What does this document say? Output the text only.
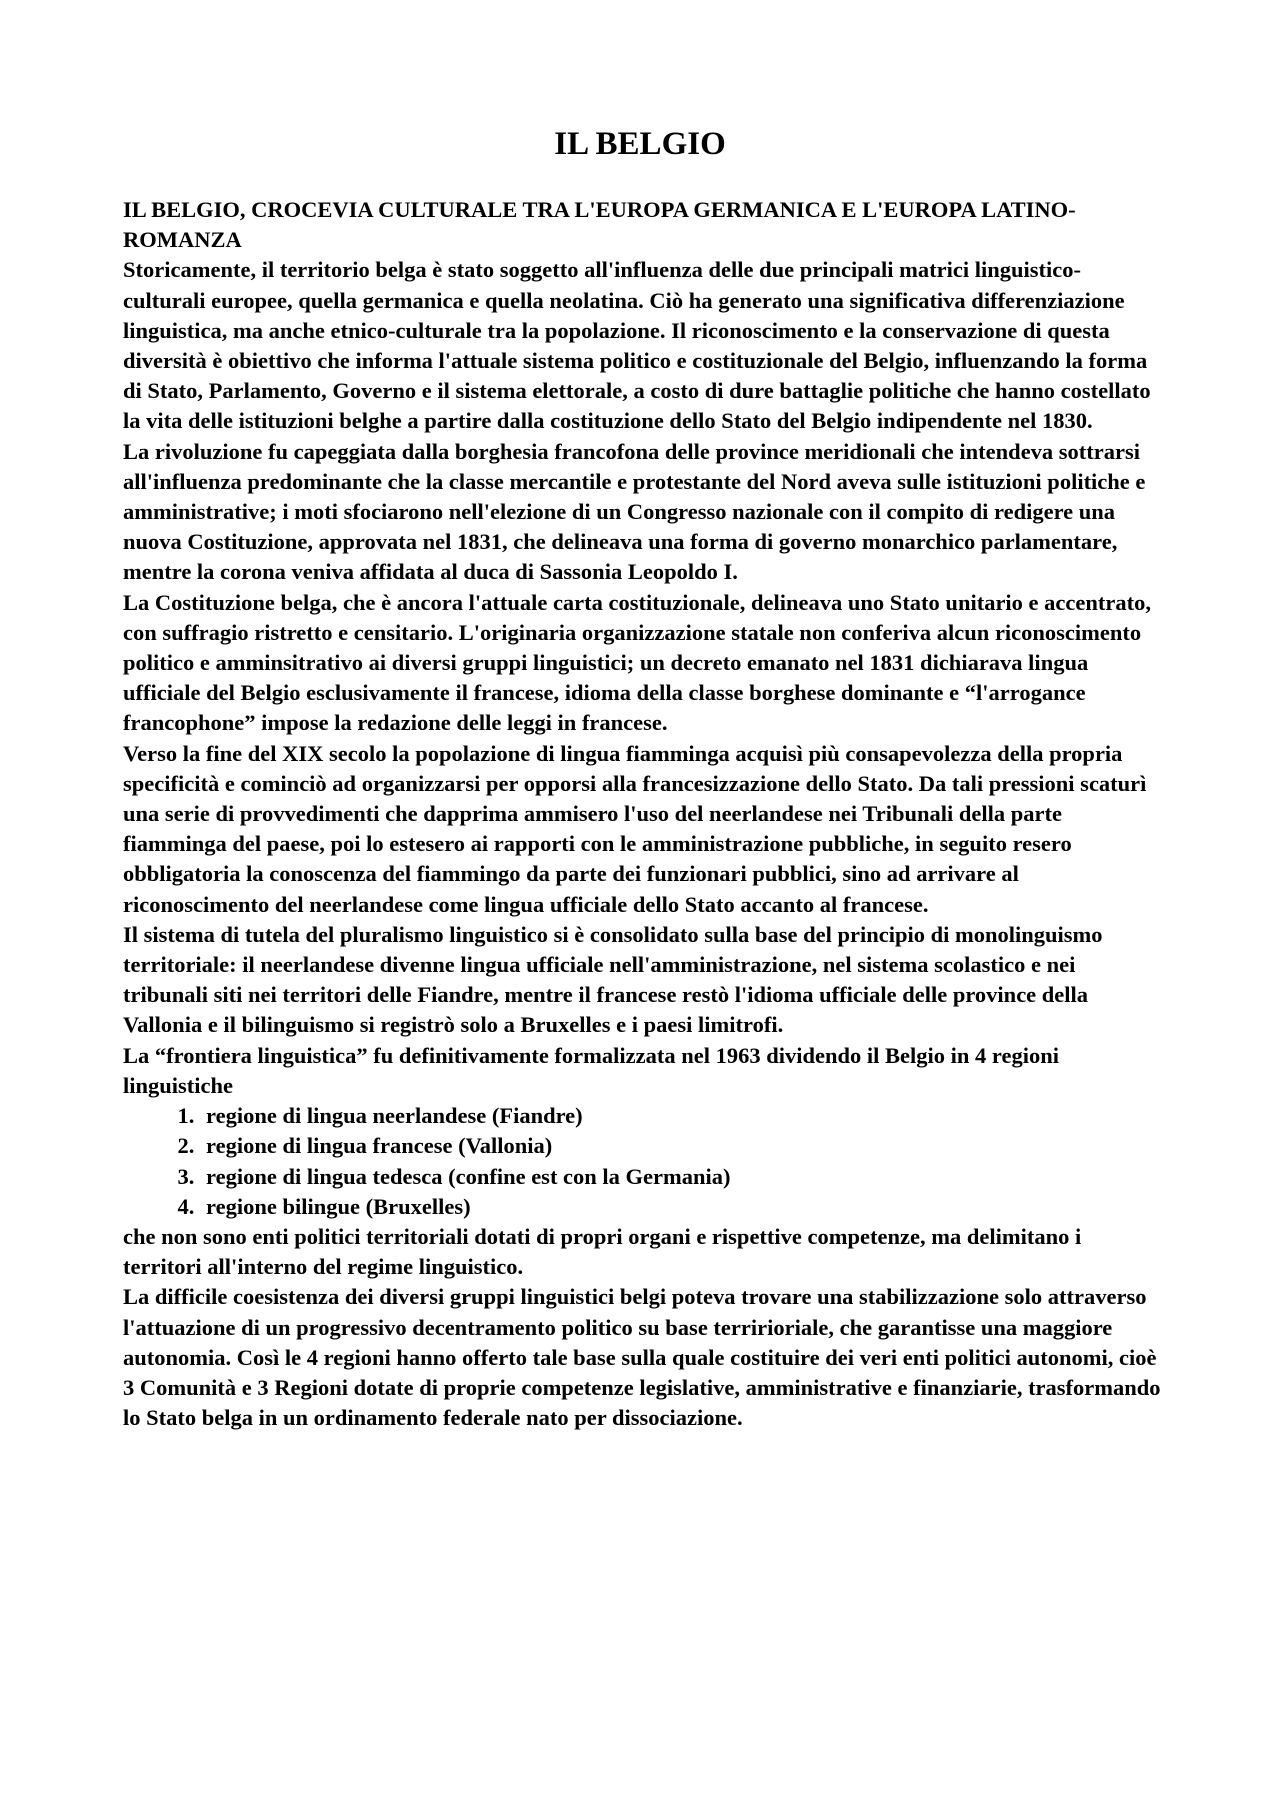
IL BELGIO

IL BELGIO, CROCEVIA CULTURALE TRA L'EUROPA GERMANICA E L'EUROPA LATINO-ROMANZA

Storicamente, il territorio belga è stato soggetto all'influenza delle due principali matrici linguistico-culturali europee, quella germanica e quella neolatina. Ciò ha generato una significativa differenziazione linguistica, ma anche etnico-culturale tra la popolazione. Il riconoscimento e la conservazione di questa diversità è obiettivo che informa l'attuale sistema politico e costituzionale del Belgio, influenzando la forma di Stato, Parlamento, Governo e il sistema elettorale, a costo di dure battaglie politiche che hanno costellato la vita delle istituzioni belghe a partire dalla costituzione dello Stato del Belgio indipendente nel 1830.

La rivoluzione fu capeggiata dalla borghesia francofona delle province meridionali che intendeva sottrarsi all'influenza predominante che la classe mercantile e protestante del Nord aveva sulle istituzioni politiche e amministrative; i moti sfociarono nell'elezione di un Congresso nazionale con il compito di redigere una nuova Costituzione, approvata nel 1831, che delineava una forma di governo monarchico parlamentare, mentre la corona veniva affidata al duca di Sassonia Leopoldo I.

La Costituzione belga, che è ancora l'attuale carta costituzionale, delineava uno Stato unitario e accentrato, con suffragio ristretto e censitario. L'originaria organizzazione statale non conferiva alcun riconoscimento politico e amminsitrativo ai diversi gruppi linguistici; un decreto emanato nel 1831 dichiarava lingua ufficiale del Belgio esclusivamente il francese, idioma della classe borghese dominante e “l'arrogance francophone” impose la redazione delle leggi in francese.

Verso la fine del XIX secolo la popolazione di lingua fiamminga acquisì più consapevolezza della propria specificità e cominciò ad organizzarsi per opporsi alla francesizzazione dello Stato. Da tali pressioni scaturì una serie di provvedimenti che dapprima ammisero l'uso del neerlandese nei Tribunali della parte fiamminga del paese, poi lo estesero ai rapporti con le amministrazione pubbliche, in seguito resero obbligatoria la conoscenza del fiammingo da parte dei funzionari pubblici, sino ad arrivare al riconoscimento del neerlandese come lingua ufficiale dello Stato accanto al francese.

Il sistema di tutela del pluralismo linguistico si è consolidato sulla base del principio di monolinguismo territoriale: il neerlandese divenne lingua ufficiale nell'amministrazione, nel sistema scolastico e nei tribunali siti nei territori delle Fiandre, mentre il francese restò l'idioma ufficiale delle province della Vallonia e il bilinguismo si registrò solo a Bruxelles e i paesi limitrofi.

La “frontiera linguistica” fu definitivamente formalizzata nel 1963 dividendo il Belgio in 4 regioni linguistiche

1. regione di lingua neerlandese (Fiandre)
2. regione di lingua francese (Vallonia)
3. regione di lingua tedesca (confine est con la Germania)
4. regione bilingue (Bruxelles)

che non sono enti politici territoriali dotati di propri organi e rispettive competenze, ma delimitano i territori all'interno del regime linguistico.

La difficile coesistenza dei diversi gruppi linguistici belgi poteva trovare una stabilizzazione solo attraverso l'attuazione di un progressivo decentramento politico su base terririoriale, che garantisse una maggiore autonomia. Così le 4 regioni hanno offerto tale base sulla quale costituire dei veri enti politici autonomi, cioè 3 Comunità e 3 Regioni dotate di proprie competenze legislative, amministrative e finanziarie, trasformando lo Stato belga in un ordinamento federale nato per dissociazione.
